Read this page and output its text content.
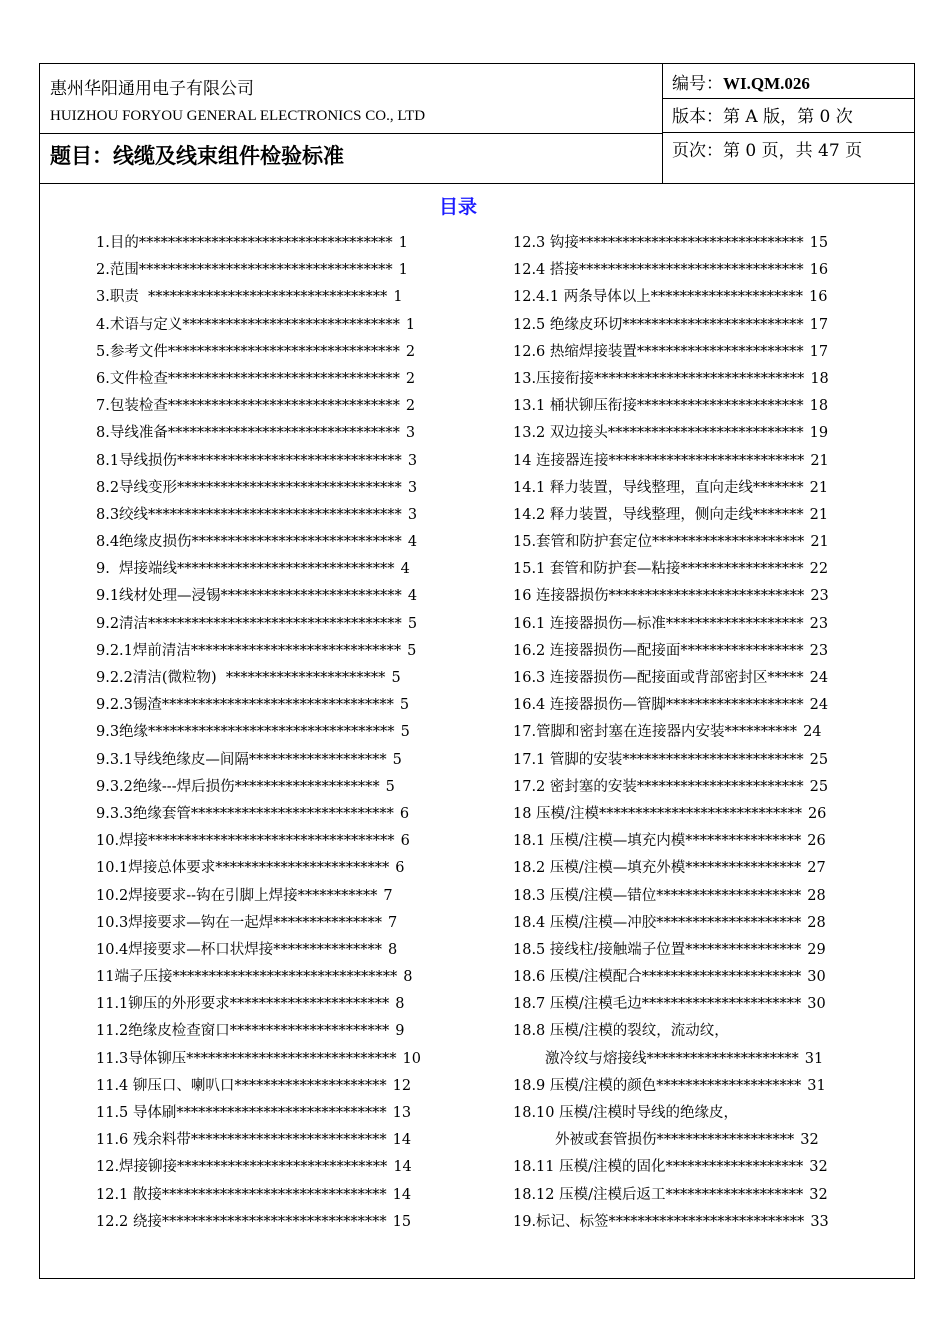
惠州华阳通用电子有限公司
HUIZHOU FORYOU GENERAL ELECTRONICS CO., LTD
题目：线缆及线束组件检验标准
编号：WI.QM.026
版本：第 A 版，第 0 次
页次：第 0 页，共 47 页
目录
1.目的*********************************** 1
2.范围*********************************** 1
3.职责  ********************************* 1
4.术语与定义****************************** 1
5.参考文件******************************** 2
6.文件检查******************************** 2
7.包装检查******************************** 2
8.导线准备******************************** 3
8.1导线损伤******************************* 3
8.2导线变形******************************* 3
8.3绞线*********************************** 3
8.4绝缘皮损伤***************************** 4
9.  焊接端线****************************** 4
9.1线材处理—浸锡************************* 4
9.2清洁*********************************** 5
9.2.1焊前清洁***************************** 5
9.2.2清洁(微粒物)  ********************** 5
9.2.3锡渣******************************** 5
9.3绝缘********************************** 5
9.3.1导线绝缘皮—间隔******************* 5
9.3.2绝缘---焊后损伤******************** 5
9.3.3绝缘套管**************************** 6
10.焊接********************************** 6
10.1焊接总体要求************************ 6
10.2焊接要求--钩在引脚上焊接*********** 7
10.3焊接要求—钩在一起焊*************** 7
10.4焊接要求—杯口状焊接*************** 8
11端子压接******************************* 8
11.1铆压的外形要求********************** 8
11.2绝缘皮检查窗口********************** 9
11.3导体铆压***************************** 10
11.4 铆压口、喇叭口********************* 12
11.5 导体刷***************************** 13
11.6 残余料带*************************** 14
12.焊接铆接***************************** 14
12.1 散接******************************* 14
12.2 绕接******************************* 15
12.3 钩接******************************* 15
12.4 搭接******************************* 16
12.4.1 两条导体以上********************* 16
12.5 绝缘皮环切************************* 17
12.6 热缩焊接装置*********************** 17
13.压接衔接***************************** 18
13.1 桶状铆压衔接*********************** 18
13.2 双边接头*************************** 19
14 连接器连接*************************** 21
14.1 释力装置，导线整理，直向走线******* 21
14.2 释力装置，导线整理，侧向走线******* 21
15.套管和防护套定位********************* 21
15.1 套管和防护套—粘接***************** 22
16 连接器损伤*************************** 23
16.1 连接器损伤—标准******************* 23
16.2 连接器损伤—配接面***************** 23
16.3 连接器损伤—配接面或背部密封区***** 24
16.4 连接器损伤—管脚******************* 24
17.管脚和密封塞在连接器内安装********** 24
17.1 管脚的安装************************* 25
17.2 密封塞的安装*********************** 25
18 压模/注模**************************** 26
18.1 压模/注模—填充内模**************** 26
18.2 压模/注模—填充外模**************** 27
18.3 压模/注模—错位******************** 28
18.4 压模/注模—冲胶******************** 28
18.5 接线柱/接触端子位置**************** 29
18.6 压模/注模配合********************** 30
18.7 压模/注模毛边********************** 30
18.8 压模/注模的裂纹，流动纹，
激冷纹与熔接线********************* 31
18.9 压模/注模的颜色******************** 31
18.10 压模/注模时导线的绝缘皮，
外被或套管损伤******************* 32
18.11 压模/注模的固化******************* 32
18.12 压模/注模后返工******************* 32
19.标记、标签*************************** 33
